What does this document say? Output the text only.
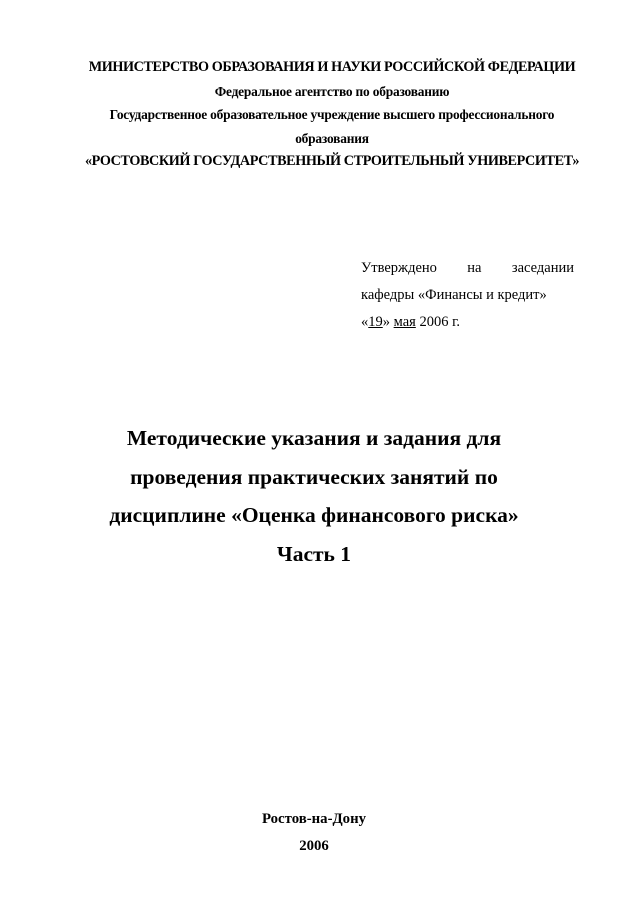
МИНИСТЕРСТВО ОБРАЗОВАНИЯ И НАУКИ РОССИЙСКОЙ ФЕДЕРАЦИИ
Федеральное агентство по образованию
Государственное образовательное учреждение высшего профессионального
образования
«РОСТОВСКИЙ ГОСУДАРСТВЕННЫЙ СТРОИТЕЛЬНЫЙ УНИВЕРСИТЕТ»
Утверждено на заседании
кафедры «Финансы и кредит»
«19» мая 2006 г.
Методические указания и задания для
проведения практических занятий по
дисциплине «Оценка финансового риска»
Часть 1
Ростов-на-Дону
2006
